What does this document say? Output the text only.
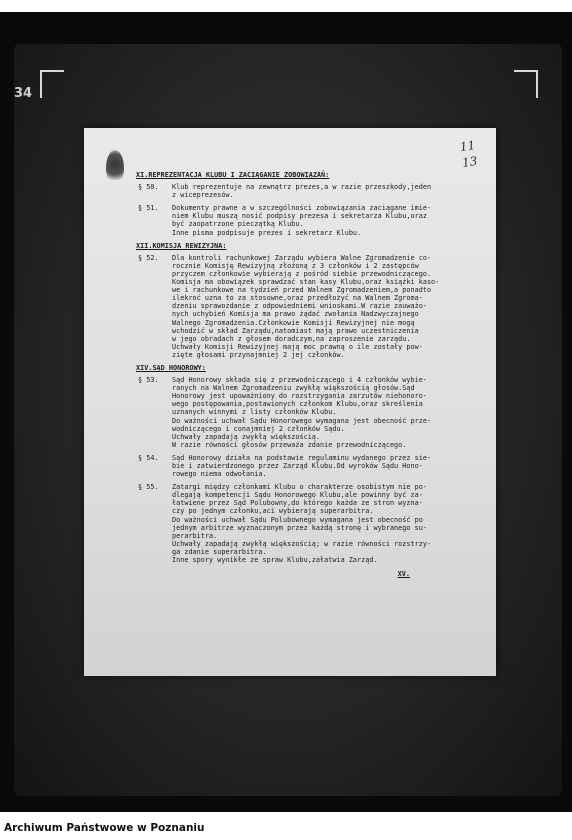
34
11
13
XI.REPREZENTACJA KLUBU I ZACIĄGANIE ZOBOWIĄZAŃ:
§ 50. Klub reprezentuje na zewnątrz prezes,a w razie przeszkody,jeden
z wiceprezesów.
§ 51. Dokumenty prawne a w szczególności zobowiązania zaciągane imie-
niem Klubu muszą nosić podpisy prezesa i sekretarza Klubu,oraz
być zaopatrzone pieczątką Klubu.
Inne pisma podpisuje prezes i sekretarz Klubu.
XII.KOMISJA REWIZYJNA:
§ 52. Dla kontroli rachunkowej Zarządu wybiera Walne Zgromadzenie co-
rocznie Komisję Rewizyjną złożoną z 3 członków i 2 zastępców
przyczem członkowie wybierają z pośród siebie przewodniczącego.
Komisja ma obowiązek sprawdzać stan kasy Klubu,oraz książki kaso-
we i rachunkowe na tydzień przed Walnem Zgromadzeniem,a ponadto
ilekroć uzna to za stosowne,oraz przedłożyć na Walnem Zgroma-
dzeniu sprawozdanie z odpowiedniemi wnioskami.W razie zauważo-
nych uchybień Komisja ma prawo żądać zwołania Nadzwyczajnego
Walnego Zgromadzenia.Członkowie Komisji Rewizyjnej nie mogą
wchodzić w skład Zarządu,natomiast mają prawo uczestniczenia
w jego obradach z głosem doradczym,na zaproszenie zarządu.
Uchwały Komisji Rewizyjnej mają moc prawną o ile zostały pow-
zięte głosami przynajmniej 2 jej członków.
XIV.SĄD HONOROWY:
§ 53. Sąd Honorowy składa się z przewodniczącego i 4 członków wybie-
ranych na Walnem Zgromadzeniu zwykłą większością głosów.Sąd
Honorowy jest upoważniony do rozstrzygania zarzutów niehonoro-
wego postępowania,postawionych członkom Klubu,oraz skreślenia
uznanych winnymi z listy członków Klubu.
Do ważności uchwał Sądu Honorowego wymagana jest obecność prze-
wodniczącego i conajmniej 2 członków Sądu.
Uchwały zapadają zwykłą większością.
W razie równości głosów przeważa zdanie przewodniczącego.
§ 54. Sąd Honorowy działa na podstawie regulaminu wydanego przez sie-
bie i zatwierdzonego przez Zarząd Klubu.Od wyroków Sądu Hono-
rowego niema odwołania.
§ 55. Zatargi między członkami Klubu o charakterze osobistym nie po-
dlegają kompetencji Sądu Honorowego Klubu,ale powinny być za-
łatwiene przez Sąd Polubowny,do którego każda ze stron wyzna-
czy po jednym członku,aci wybierają superarbitra.
Do ważności uchwał Sądu Polubownego wymagana jest obecność po
jednym arbitrze wyznaczonym przez każdą stronę i wybranego su-
perarbitra.
Uchwały zapadają zwykłą większością; w razie równości rozstrzy-
ga zdanie superarbitra.
Inne spory wynikłe ze spraw Klubu,załatwia Zarząd.
XV.
Archiwum Państwowe w Poznaniu
